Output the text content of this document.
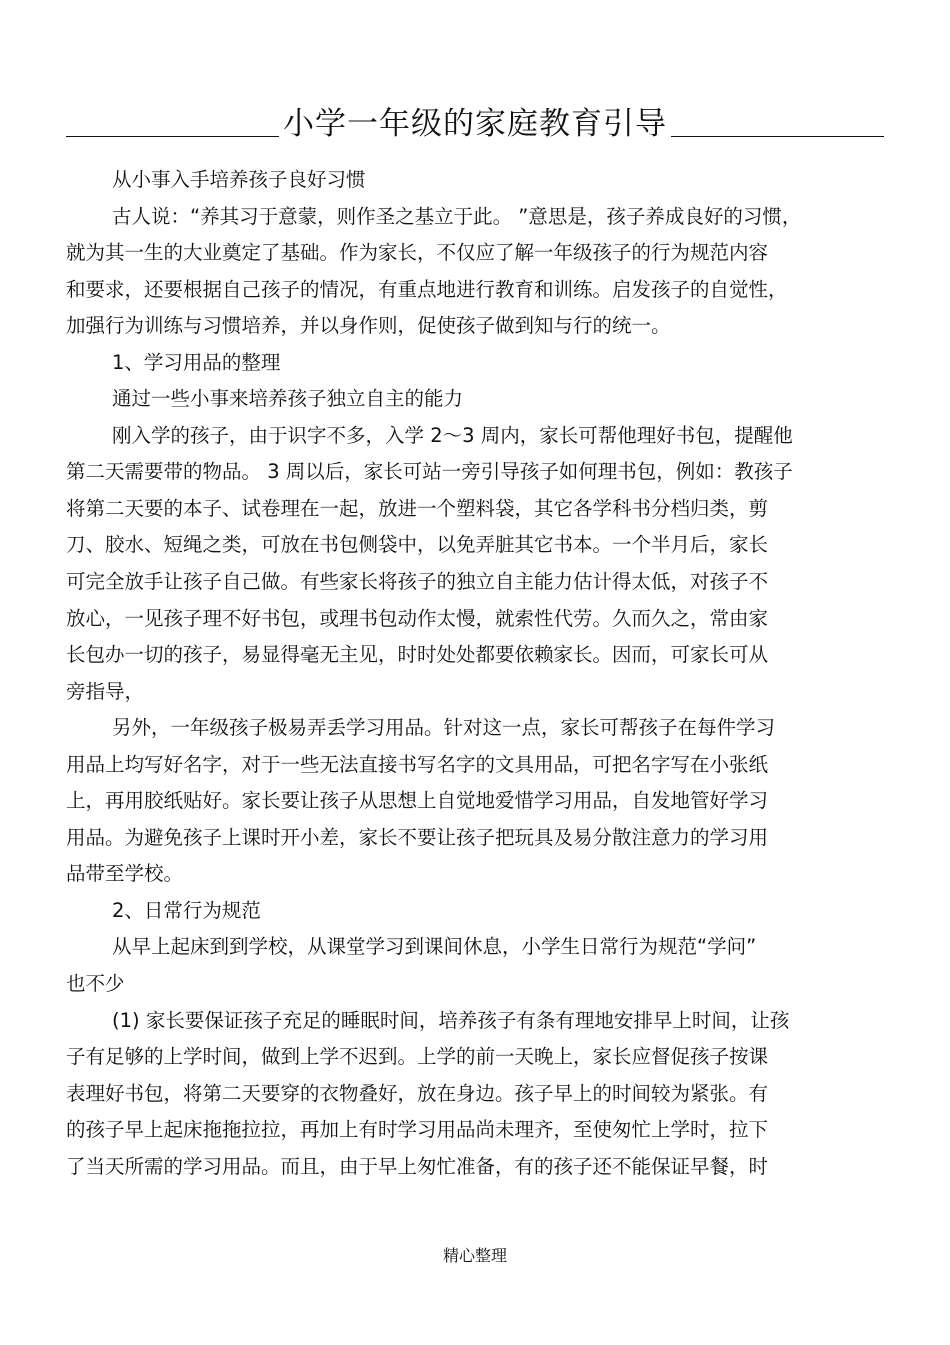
小学一年级的家庭教育引导
从小事入手培养孩子良好习惯
古人说：“养其习于意蒙，则作圣之基立于此。 ”意思是，孩子养成良好的习惯，
就为其一生的大业奠定了基础。作为家长，不仅应了解一年级孩子的行为规范内容
和要求，还要根据自己孩子的情况，有重点地进行教育和训练。启发孩子的自觉性，
加强行为训练与习惯培养，并以身作则，促使孩子做到知与行的统一。
1、学习用品的整理
通过一些小事来培养孩子独立自主的能力
刚入学的孩子，由于识字不多，入学 2～3 周内，家长可帮他理好书包，提醒他
第二天需要带的物品。 3 周以后，家长可站一旁引导孩子如何理书包，例如：教孩子
将第二天要的本子、试卷理在一起，放进一个塑料袋，其它各学科书分档归类，剪
刀、胶水、短绳之类，可放在书包侧袋中，以免弄脏其它书本。一个半月后，家长
可完全放手让孩子自己做。有些家长将孩子的独立自主能力估计得太低，对孩子不
放心，一见孩子理不好书包，或理书包动作太慢，就索性代劳。久而久之，常由家
长包办一切的孩子，易显得毫无主见，时时处处都要依赖家长。因而，可家长可从
旁指导，
另外，一年级孩子极易弄丢学习用品。针对这一点，家长可帮孩子在每件学习
用品上均写好名字，对于一些无法直接书写名字的文具用品，可把名字写在小张纸
上，再用胶纸贴好。家长要让孩子从思想上自觉地爱惜学习用品，自发地管好学习
用品。为避免孩子上课时开小差，家长不要让孩子把玩具及易分散注意力的学习用
品带至学校。
2、日常行为规范
从早上起床到到学校，从课堂学习到课间休息，小学生日常行为规范“学问”
也不少
(1) 家长要保证孩子充足的睡眠时间，培养孩子有条有理地安排早上时间，让孩
子有足够的上学时间，做到上学不迟到。上学的前一天晚上，家长应督促孩子按课
表理好书包，将第二天要穿的衣物叠好，放在身边。孩子早上的时间较为紧张。有
的孩子早上起床拖拖拉拉，再加上有时学习用品尚未理齐，至使匆忙上学时，拉下
了当天所需的学习用品。而且，由于早上匆忙准备，有的孩子还不能保证早餐，时
精心整理
